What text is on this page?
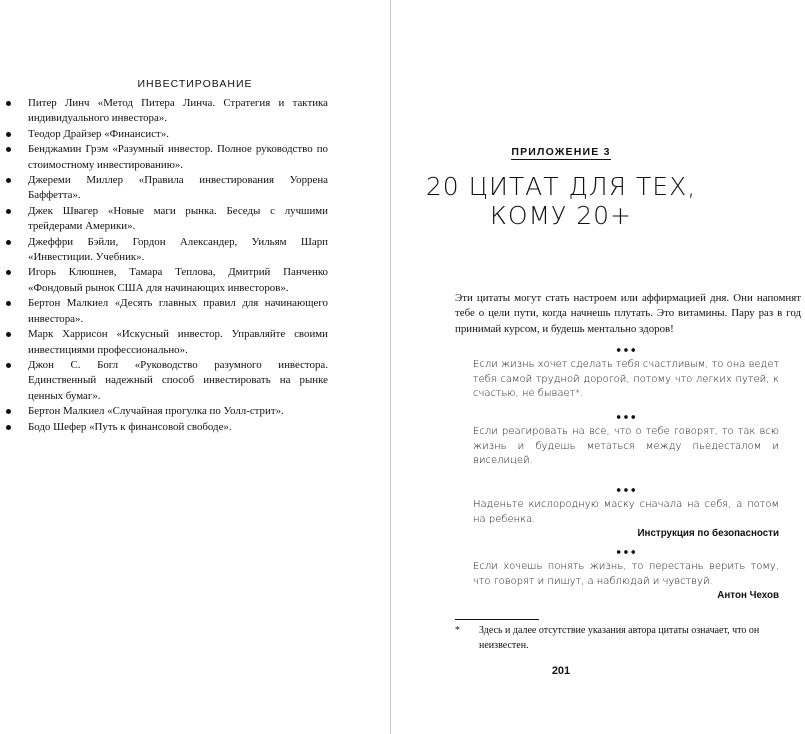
ИНВЕСТИРОВАНИЕ
Питер Линч «Метод Питера Линча. Стратегия и тактика индивидуального инвестора».
Теодор Драйзер «Финансист».
Бенджамин Грэм «Разумный инвестор. Полное руководство по стоимостному инвестированию».
Джереми Миллер «Правила инвестирования Уоррена Баффетта».
Джек Швагер «Новые маги рынка. Беседы с лучшими трейдерами Америки».
Джеффри Бэйли, Гордон Александер, Уильям Шарп «Инвестиции. Учебник».
Игорь Клюшнев, Тамара Теплова, Дмитрий Панченко «Фондовый рынок США для начинающих инвесторов».
Бертон Малкиел «Десять главных правил для начинающего инвестора».
Марк Харрисон «Искусный инвестор. Управляйте своими инвестициями профессионально».
Джон С. Богл «Руководство разумного инвестора. Единственный надежный способ инвестировать на рынке ценных бумаг».
Бертон Малкиел «Случайная прогулка по Уолл-стрит».
Бодо Шефер «Путь к финансовой свободе».
ПРИЛОЖЕНИЕ 3
20 ЦИТАТ ДЛЯ ТЕХ,
КОМУ 20+

Эти цитаты могут стать настроем или аффирмацией дня. Они напомнят тебе о цели пути, когда начнешь плутать. Это витамины. Пару раз в год принимай курсом, и будешь ментально здоров!

Если жизнь хочет сделать тебя счастливым, то она ведет тебя самой трудной дорогой, потому что легких путей, к счастью, не бывает*.

Если реагировать на все, что о тебе говорят, то так всю жизнь и будешь метаться между пьедесталом и виселицей.

Наденьте кислородную маску сначала на себя, а потом на ребенка.

Инструкция по безопасности

Если хочешь понять жизнь, то перестань верить тому, что говорят и пишут, а наблюдай и чувствуй.

Антон Чехов
*	Здесь и далее отсутствие указания автора цитаты означает, что он неизвестен.
201
